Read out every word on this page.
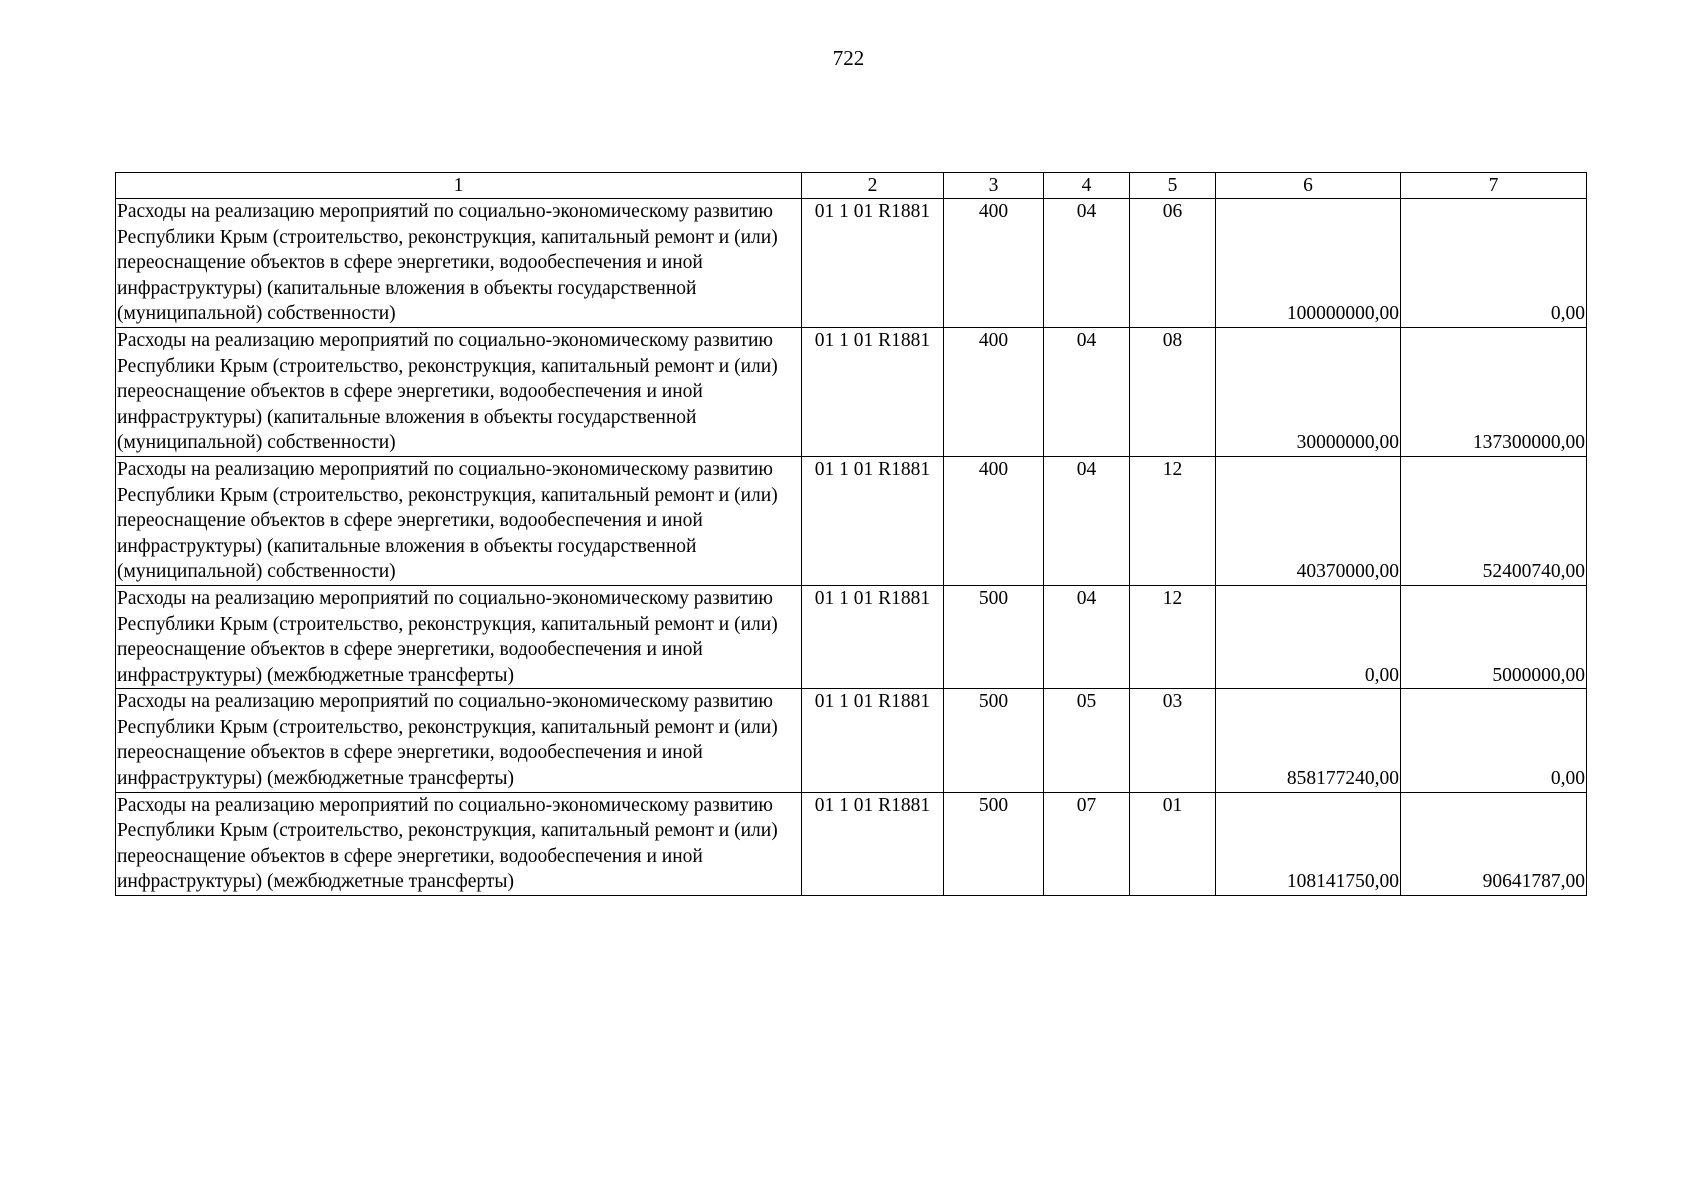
722
1	2	3	4	5	6	7
Расходы на реализацию мероприятий по социально-экономическому развитию Республики Крым (строительство, реконструкция, капитальный ремонт и (или) переоснащение объектов в сфере энергетики, водообеспечения и иной инфраструктуры) (капитальные вложения в объекты государственной (муниципальной) собственности)	01 1 01 R1881	400	04	06	100000000,00	0,00
Расходы на реализацию мероприятий по социально-экономическому развитию Республики Крым (строительство, реконструкция, капитальный ремонт и (или) переоснащение объектов в сфере энергетики, водообеспечения и иной инфраструктуры) (капитальные вложения в объекты государственной (муниципальной) собственности)	01 1 01 R1881	400	04	08	30000000,00	137300000,00
Расходы на реализацию мероприятий по социально-экономическому развитию Республики Крым (строительство, реконструкция, капитальный ремонт и (или) переоснащение объектов в сфере энергетики, водообеспечения и иной инфраструктуры) (капитальные вложения в объекты государственной (муниципальной) собственности)	01 1 01 R1881	400	04	12	40370000,00	52400740,00
Расходы на реализацию мероприятий по социально-экономическому развитию Республики Крым (строительство, реконструкция, капитальный ремонт и (или) переоснащение объектов в сфере энергетики, водообеспечения и иной инфраструктуры) (межбюджетные трансферты)	01 1 01 R1881	500	04	12	0,00	5000000,00
Расходы на реализацию мероприятий по социально-экономическому развитию Республики Крым (строительство, реконструкция, капитальный ремонт и (или) переоснащение объектов в сфере энергетики, водообеспечения и иной инфраструктуры) (межбюджетные трансферты)	01 1 01 R1881	500	05	03	858177240,00	0,00
Расходы на реализацию мероприятий по социально-экономическому развитию Республики Крым (строительство, реконструкция, капитальный ремонт и (или) переоснащение объектов в сфере энергетики, водообеспечения и иной инфраструктуры) (межбюджетные трансферты)	01 1 01 R1881	500	07	01	108141750,00	90641787,00
